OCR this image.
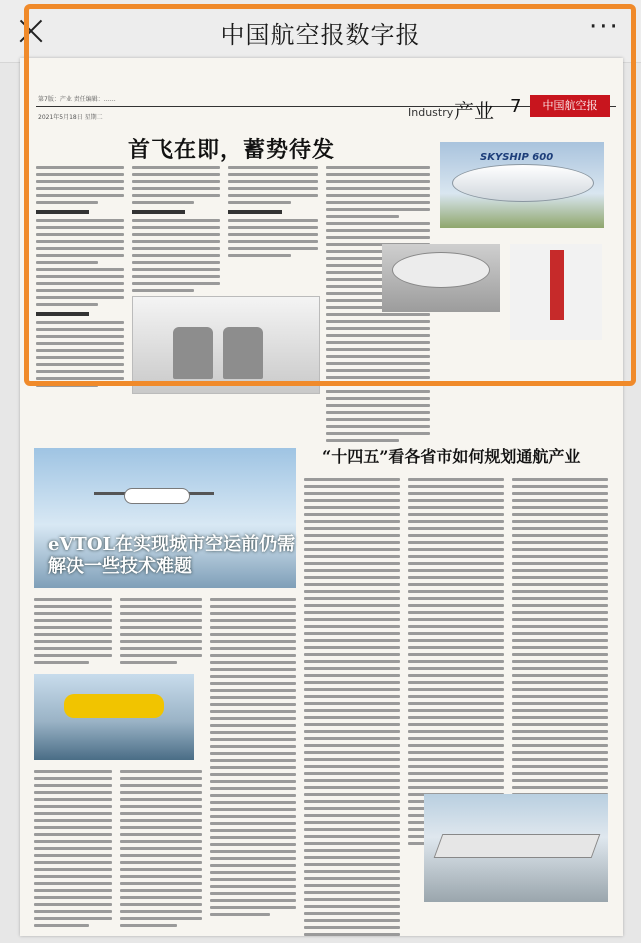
中国航空报数字报	···
第7版：产业 责任编辑：……
2021年5月18日 星期二	Industry 产业 7	中国航空报
首飞在即，蓄势待发	SKYSHIP 600
eVTOL在实现城市空运前仍需解决一些技术难题
“十四五”看各省市如何规划通航产业
